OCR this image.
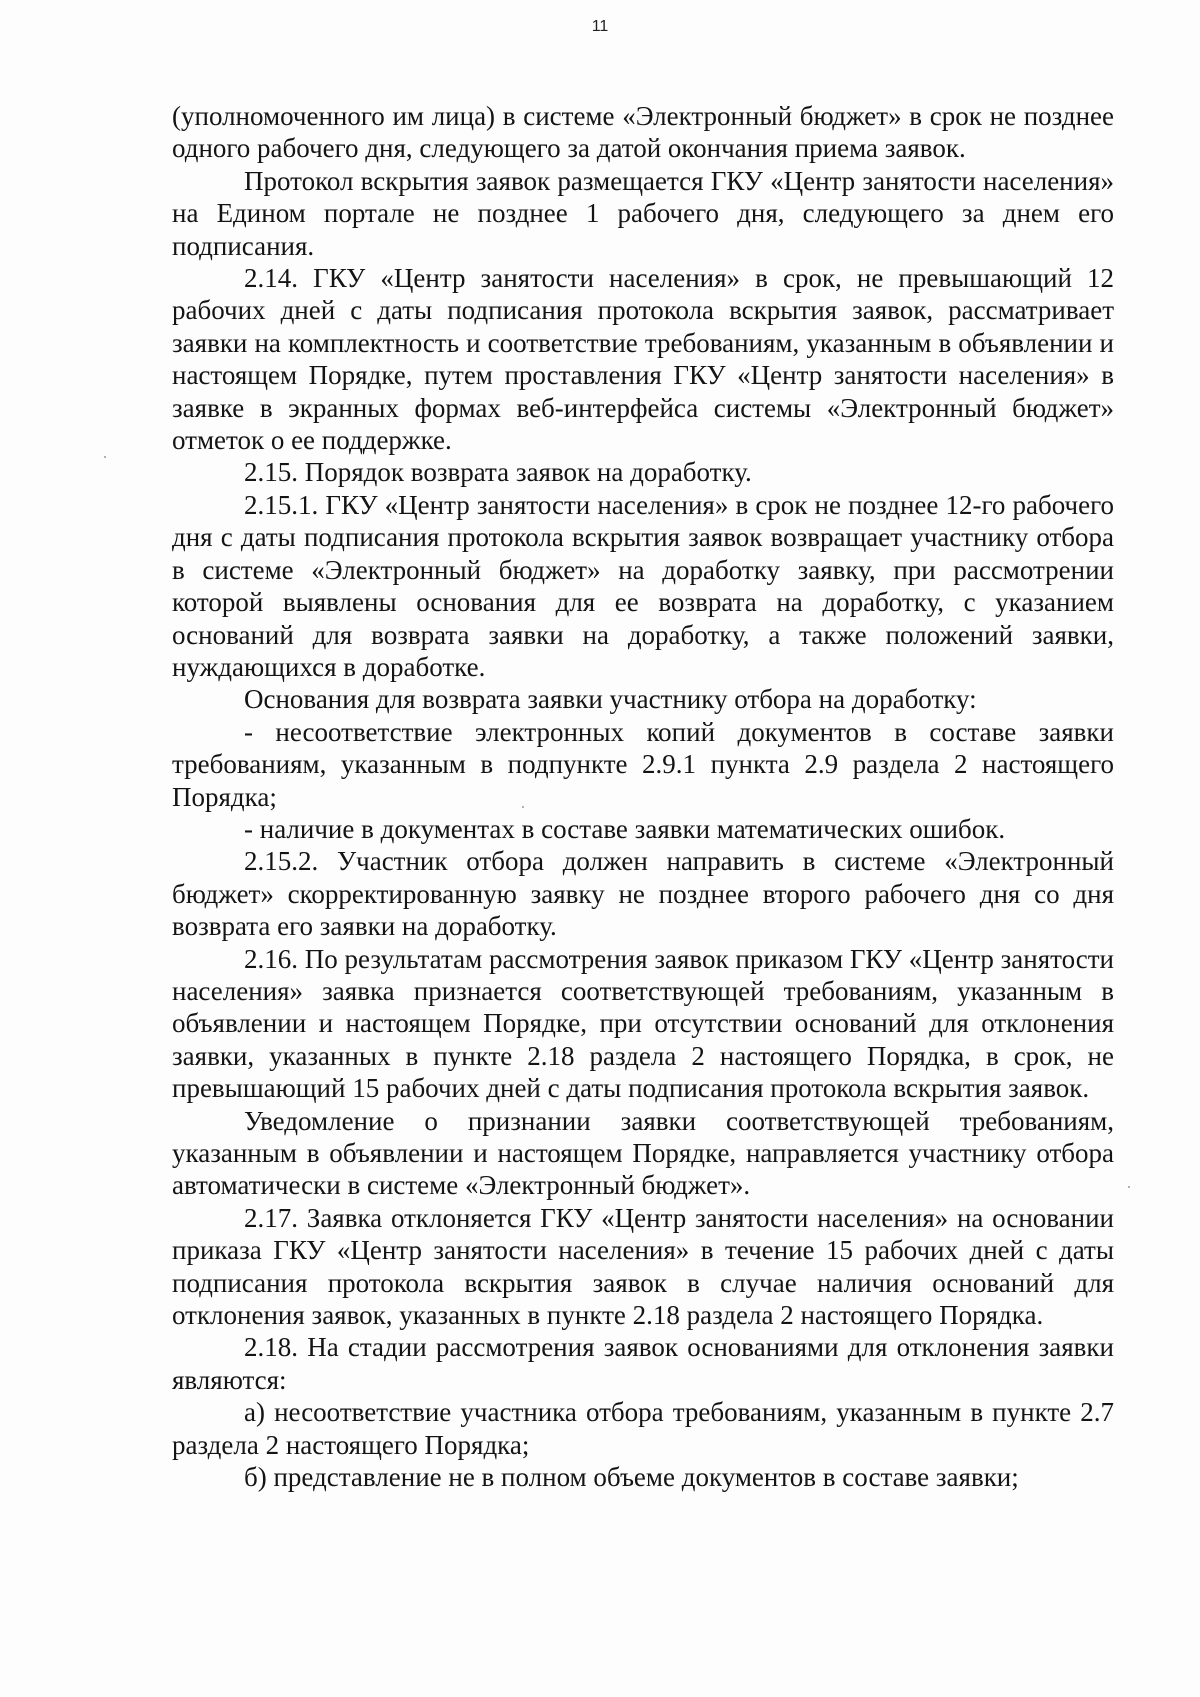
11

(уполномоченного им лица) в системе «Электронный бюджет» в срок не позднее одного рабочего дня, следующего за датой окончания приема заявок.

Протокол вскрытия заявок размещается ГКУ «Центр занятости населения» на Едином портале не позднее 1 рабочего дня, следующего за днем его подписания.

2.14. ГКУ «Центр занятости населения» в срок, не превышающий 12 рабочих дней с даты подписания протокола вскрытия заявок, рассматривает заявки на комплектность и соответствие требованиям, указанным в объявлении и настоящем Порядке, путем проставления ГКУ «Центр занятости населения» в заявке в экранных формах веб-интерфейса системы «Электронный бюджет» отметок о ее поддержке.

2.15. Порядок возврата заявок на доработку.

2.15.1. ГКУ «Центр занятости населения» в срок не позднее 12-го рабочего дня с даты подписания протокола вскрытия заявок возвращает участнику отбора в системе «Электронный бюджет» на доработку заявку, при рассмотрении которой выявлены основания для ее возврата на доработку, с указанием оснований для возврата заявки на доработку, а также положений заявки, нуждающихся в доработке.

Основания для возврата заявки участнику отбора на доработку:

- несоответствие электронных копий документов в составе заявки требованиям, указанным в подпункте 2.9.1 пункта 2.9 раздела 2 настоящего Порядка;

- наличие в документах в составе заявки математических ошибок.

2.15.2. Участник отбора должен направить в системе «Электронный бюджет» скорректированную заявку не позднее второго рабочего дня со дня возврата его заявки на доработку.

2.16. По результатам рассмотрения заявок приказом ГКУ «Центр занятости населения» заявка признается соответствующей требованиям, указанным в объявлении и настоящем Порядке, при отсутствии оснований для отклонения заявки, указанных в пункте 2.18 раздела 2 настоящего Порядка, в срок, не превышающий 15 рабочих дней с даты подписания протокола вскрытия заявок.

Уведомление о признании заявки соответствующей требованиям, указанным в объявлении и настоящем Порядке, направляется участнику отбора автоматически в системе «Электронный бюджет».

2.17. Заявка отклоняется ГКУ «Центр занятости населения» на основании приказа ГКУ «Центр занятости населения» в течение 15 рабочих дней с даты подписания протокола вскрытия заявок в случае наличия оснований для отклонения заявок, указанных в пункте 2.18 раздела 2 настоящего Порядка.

2.18. На стадии рассмотрения заявок основаниями для отклонения заявки являются:

а) несоответствие участника отбора требованиям, указанным в пункте 2.7 раздела 2 настоящего Порядка;

б) представление не в полном объеме документов в составе заявки;
